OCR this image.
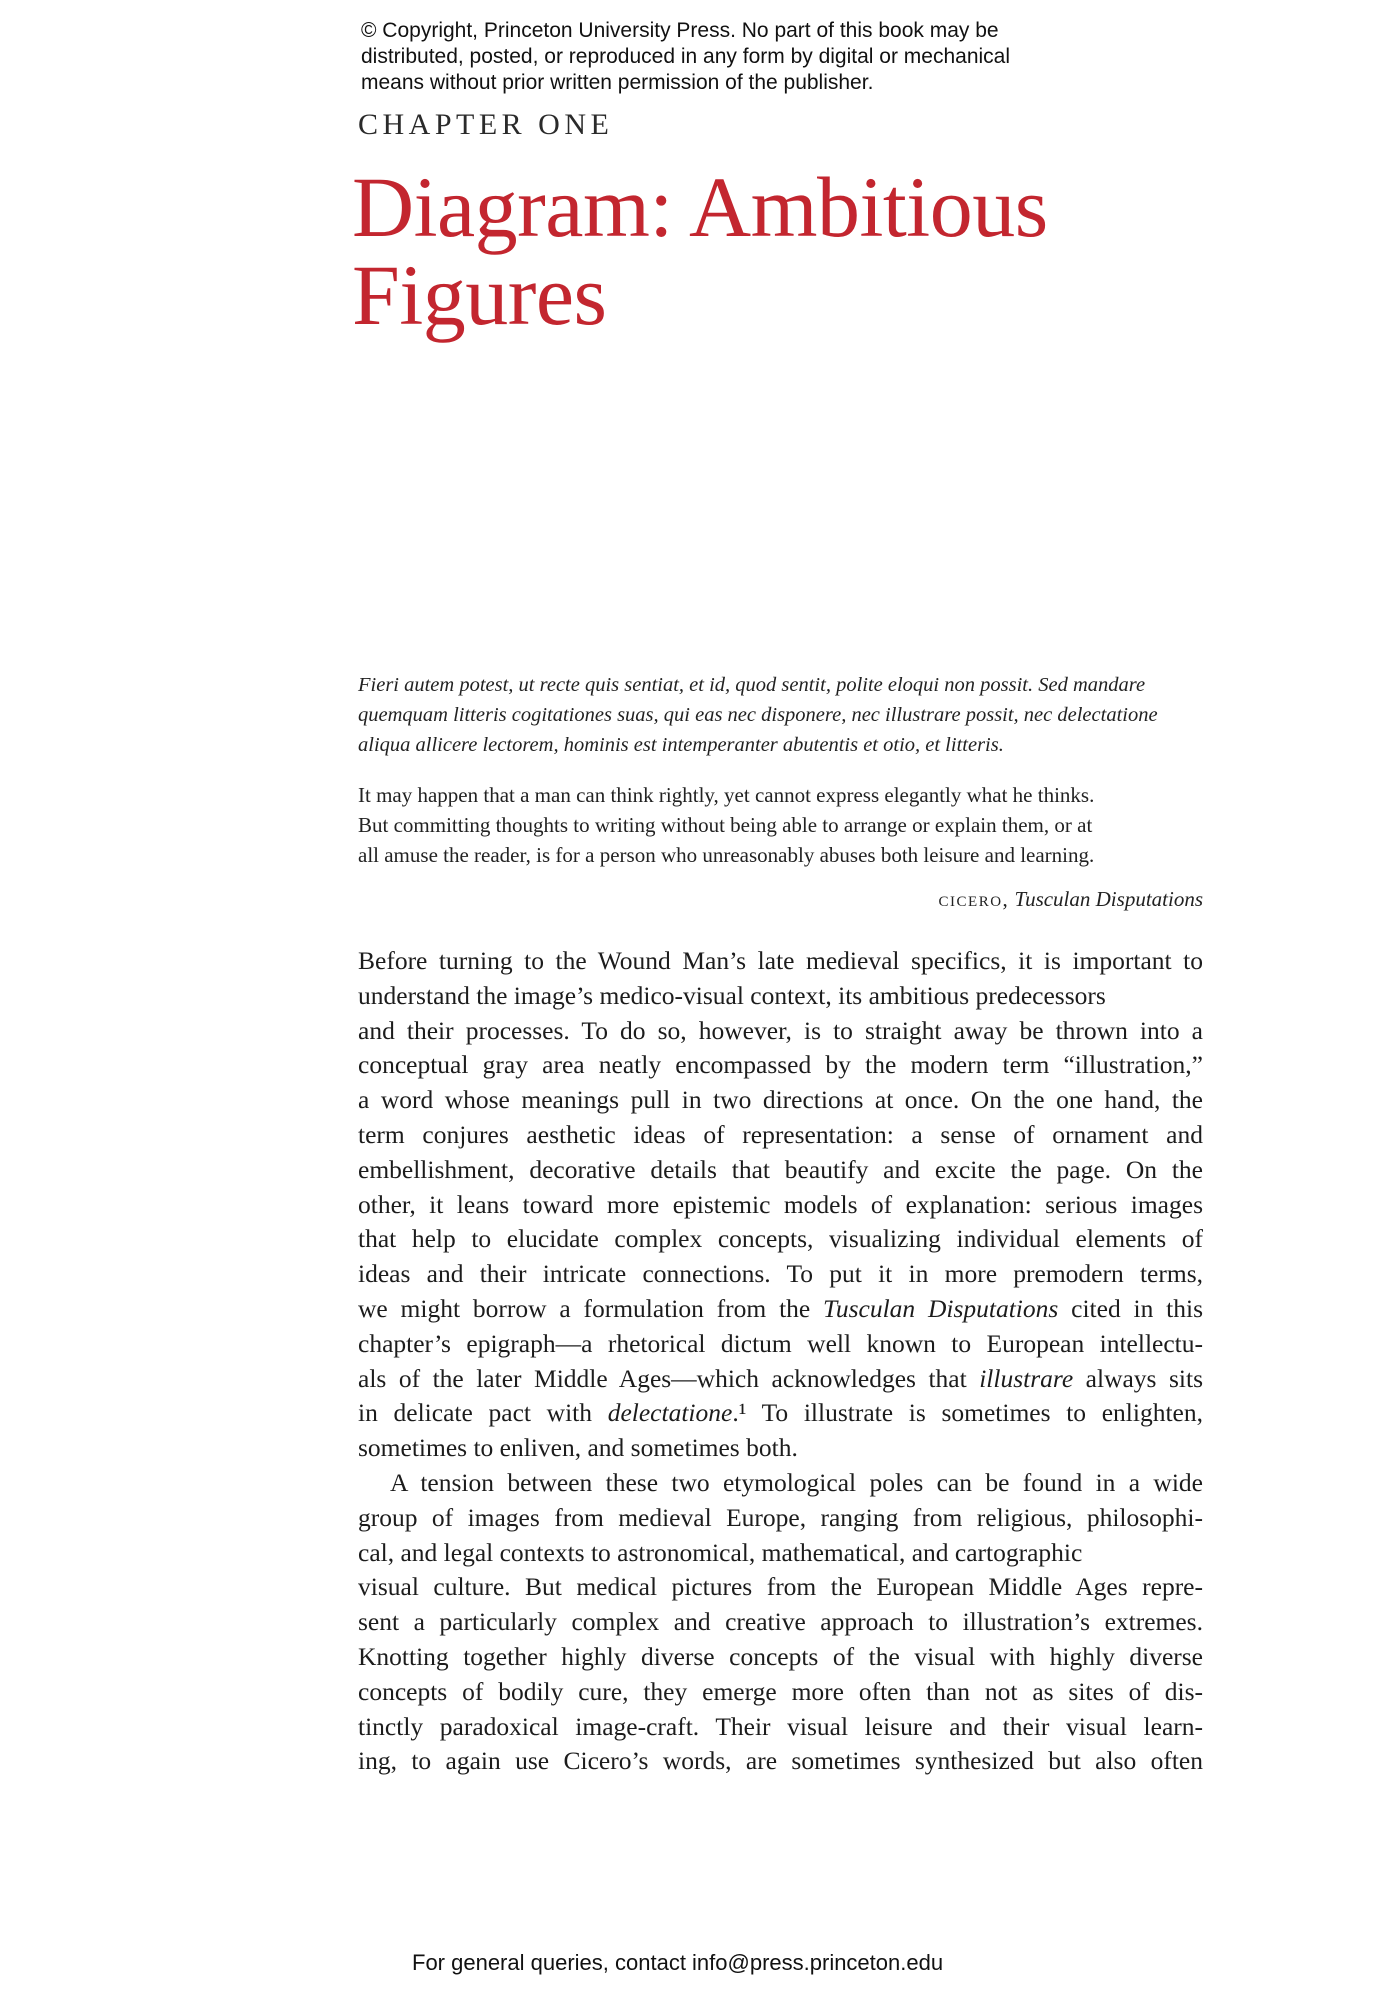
© Copyright, Princeton University Press. No part of this book may be
distributed, posted, or reproduced in any form by digital or mechanical
means without prior written permission of the publisher.
CHAPTER ONE
Diagram: Ambitious
Figures

Fieri autem potest, ut recte quis sentiat, et id, quod sentit, polite eloqui non possit. Sed mandare
quemquam litteris cogitationes suas, qui eas nec disponere, nec illustrare possit, nec delectatione
aliqua allicere lectorem, hominis est intemperanter abutentis et otio, et litteris.

It may happen that a man can think rightly, yet cannot express elegantly what he thinks.
But committing thoughts to writing without being able to arrange or explain them, or at
all amuse the reader, is for a person who unreasonably abuses both leisure and learning.

cicero, Tusculan Disputations
Before turning to the Wound Man’s late medieval specifics, it is important to
understand the image’s medico-visual context, its ambitious predecessors
and their processes. To do so, however, is to straight away be thrown into a
conceptual gray area neatly encompassed by the modern term “illustration,”
a word whose meanings pull in two directions at once. On the one hand, the
term conjures aesthetic ideas of representation: a sense of ornament and
embellishment, decorative details that beautify and excite the page. On the
other, it leans toward more epistemic models of explanation: serious images
that help to elucidate complex concepts, visualizing individual elements of
ideas and their intricate connections. To put it in more premodern terms,
we might borrow a formulation from the Tusculan Disputations cited in this
chapter’s epigraph—a rhetorical dictum well known to European intellectu-
als of the later Middle Ages—which acknowledges that illustrare always sits
in delicate pact with delectatione.¹ To illustrate is sometimes to enlighten,
sometimes to enliven, and sometimes both.
A tension between these two etymological poles can be found in a wide
group of images from medieval Europe, ranging from religious, philosophi-
cal, and legal contexts to astronomical, mathematical, and cartographic
visual culture. But medical pictures from the European Middle Ages repre-
sent a particularly complex and creative approach to illustration’s extremes.
Knotting together highly diverse concepts of the visual with highly diverse
concepts of bodily cure, they emerge more often than not as sites of dis-
tinctly paradoxical image-craft. Their visual leisure and their visual learn-
ing, to again use Cicero’s words, are sometimes synthesized but also often
For general queries, contact info@press.princeton.edu
